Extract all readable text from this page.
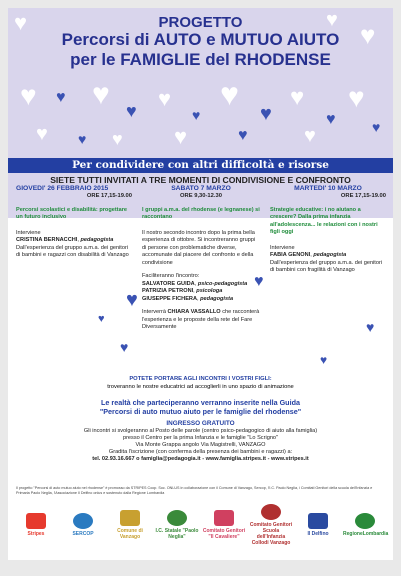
♥	♥ ♥
♥ ♥ ♥ ♥ ♥
♥
♥
♥
♥
♥
♥
♥
♥	♥
♥	♥	♥	♥
PROGETTO
Percorsi di AUTO e MUTUO AIUTO
per le FAMIGLIE del RHODENSE
Per condividere con altri difficoltà e risorse
SIETE TUTTI INVITATI A TRE MOMENTI DI CONDIVISIONE E CONFRONTO
♥
♥
♥
♥
♥
♥
GIOVEDI' 26 FEBBRAIO 2015
ORE 17,15-19.00
Percorsi scolastici e disabilità: progettare un futuro inclusivo
Interviene
CRISTINA BERNACCHI, pedagogista
Dall'esperienza del gruppo a.m.a. dei genitori di bambini e ragazzi con disabilità di Vanzago
SABATO 7 MARZO
ORE 9,30-12.30
I gruppi a.m.a. del rhodense (e legnanese) si raccontano
Il nostro secondo incontro dopo la prima bella esperienza di ottobre. Si incontreranno gruppi di persone con problematiche diverse, accomunate dal piacere del confronto e della condivisione
Faciliteranno l'incontro:
SALVATORE GUIDA, psico-pedagogista
PATRIZIA PETRONI, psicologa
GIUSEPPE FICHERA, pedagogista
Interverrà CHIARA VASSALLO che racconterà l'esperienza e le proposte della rete del Fare Diversamente
MARTEDI' 10 MARZO
ORE 17,15-19.00
Strategie educative: i no aiutano a crescere? Dalla prima infanzia all'adolescenza... le relazioni con i nostri figli oggi
Interviene
FABIA GENONI, pedagogista
Dall'esperienza del gruppo a.m.a. dei genitori di bambini con fragilità di Vanzago
POTETE PORTARE AGLI INCONTRI I VOSTRI FIGLI:
troveranno le nostre educatrici ad accoglierli in uno spazio di animazione
Le realtà che parteciperanno verranno inserite nella Guida
"Percorsi di auto mutuo aiuto per le famiglie del rhodense"
INGRESSO GRATUITO
Gli incontri si svolgeranno al Posto delle parole (centro psico-pedagogico di aiuto alla famiglia)
presso il Centro per la prima Infanzia e le famiglie "Lo Scrigno"
Via Monte Grappa angolo Via Magistrelli, VANZAGO
Gradita l'iscrizione (con conferma della presenza dei bambini e ragazzi) a:
tel. 02.93.16.667 o famiglia@pedagogia.it - www.famiglia.stripes.it - www.stripes.it
Il progetto "Percorsi di auto mutuo aiuto nel rhodense" è promosso da STRIPES Coop. Soc. ONLUS in collaborazione con il Comune di Vanzago, Sercop, l'I.C. Paolo Neglia, i Comitati Genitori della scuola dell'Infanzia e Primaria Paolo Neglia, l'Associazione Il Delfino onlus e sostenuto dalla Regione Lombardia
Stripes	SERCOP	Comune di Vanzago
I.C. Statale "Paolo Neglia"
Comitato Genitori "Il Cavaliere"
Comitato Genitori Scuola dell'Infanzia Collodi Vanzago
Il Delfino	RegioneLombardia
